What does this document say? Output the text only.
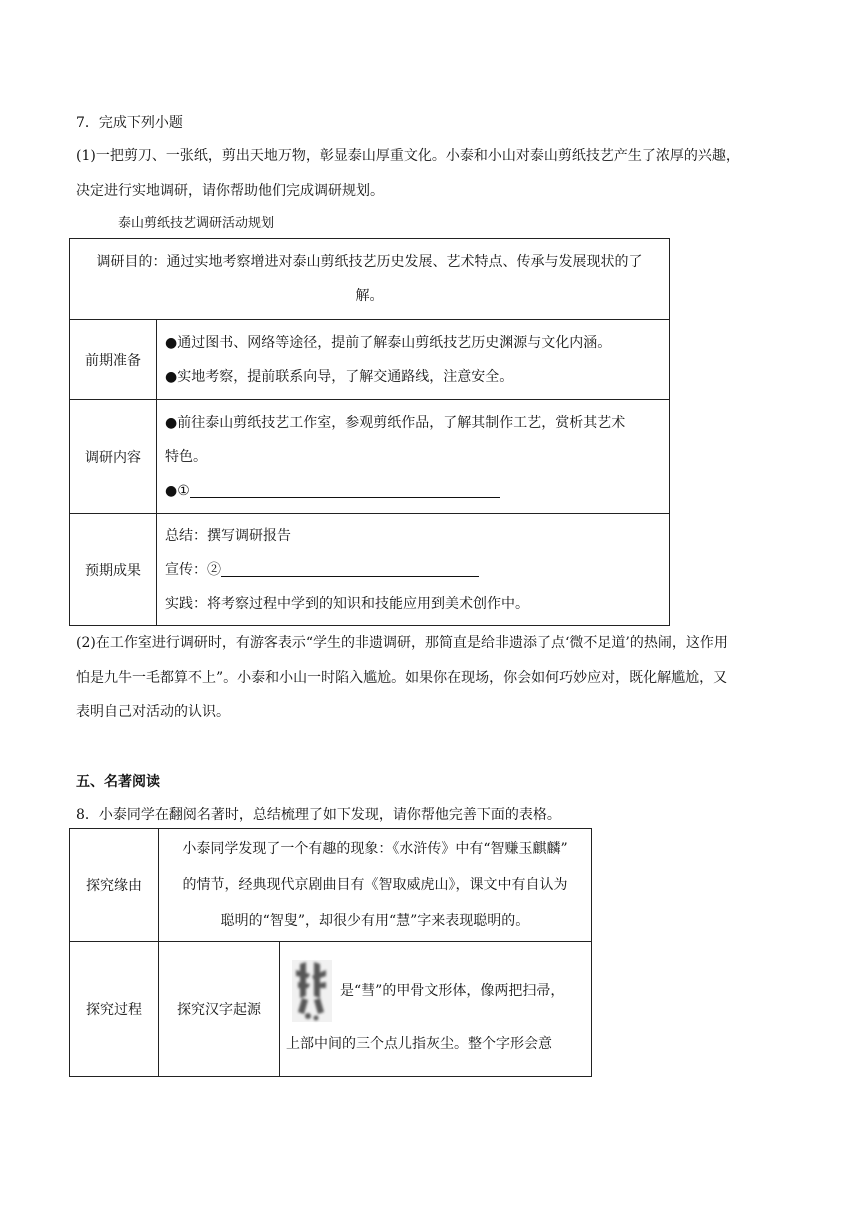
7．完成下列小题
(1)一把剪刀、一张纸，剪出天地万物，彰显泰山厚重文化。小泰和小山对泰山剪纸技艺产生了浓厚的兴趣，
决定进行实地调研，请你帮助他们完成调研规划。
泰山剪纸技艺调研活动规划
调研目的：通过实地考察增进对泰山剪纸技艺历史发展、艺术特点、传承与发展现状的了
解。	

前期准备	●通过图书、网络等途径，提前了解泰山剪纸技艺历史渊源与文化内涵。
●实地考察，提前联系向导，了解交通路线，注意安全。

调研内容	●前往泰山剪纸技艺工作室，参观剪纸作品，了解其制作工艺，赏析其艺术
特色。
●①

预期成果	总结：撰写调研报告
宣传：②
实践：将考察过程中学到的知识和技能应用到美术创作中。
(2)在工作室进行调研时，有游客表示“学生的非遗调研，那简直是给非遗添了点‘微不足道’的热闹，这作用
怕是九牛一毛都算不上”。小泰和小山一时陷入尴尬。如果你在现场，你会如何巧妙应对，既化解尴尬，又
表明自己对活动的认识。
五、名著阅读
8．小泰同学在翻阅名著时，总结梳理了如下发现，请你帮他完善下面的表格。
探究缘由	小泰同学发现了一个有趣的现象：《水浒传》中有“智赚玉麒麟”
的情节，经典现代京剧曲目有《智取威虎山》，课文中有自认为
聪明的“智叟”，却很少有用“慧”字来表现聪明的。	

探究过程	探究汉字起源	是“彗”的甲骨文形体，像两把扫帚，
上部中间的三个点儿指灰尘。整个字形会意
